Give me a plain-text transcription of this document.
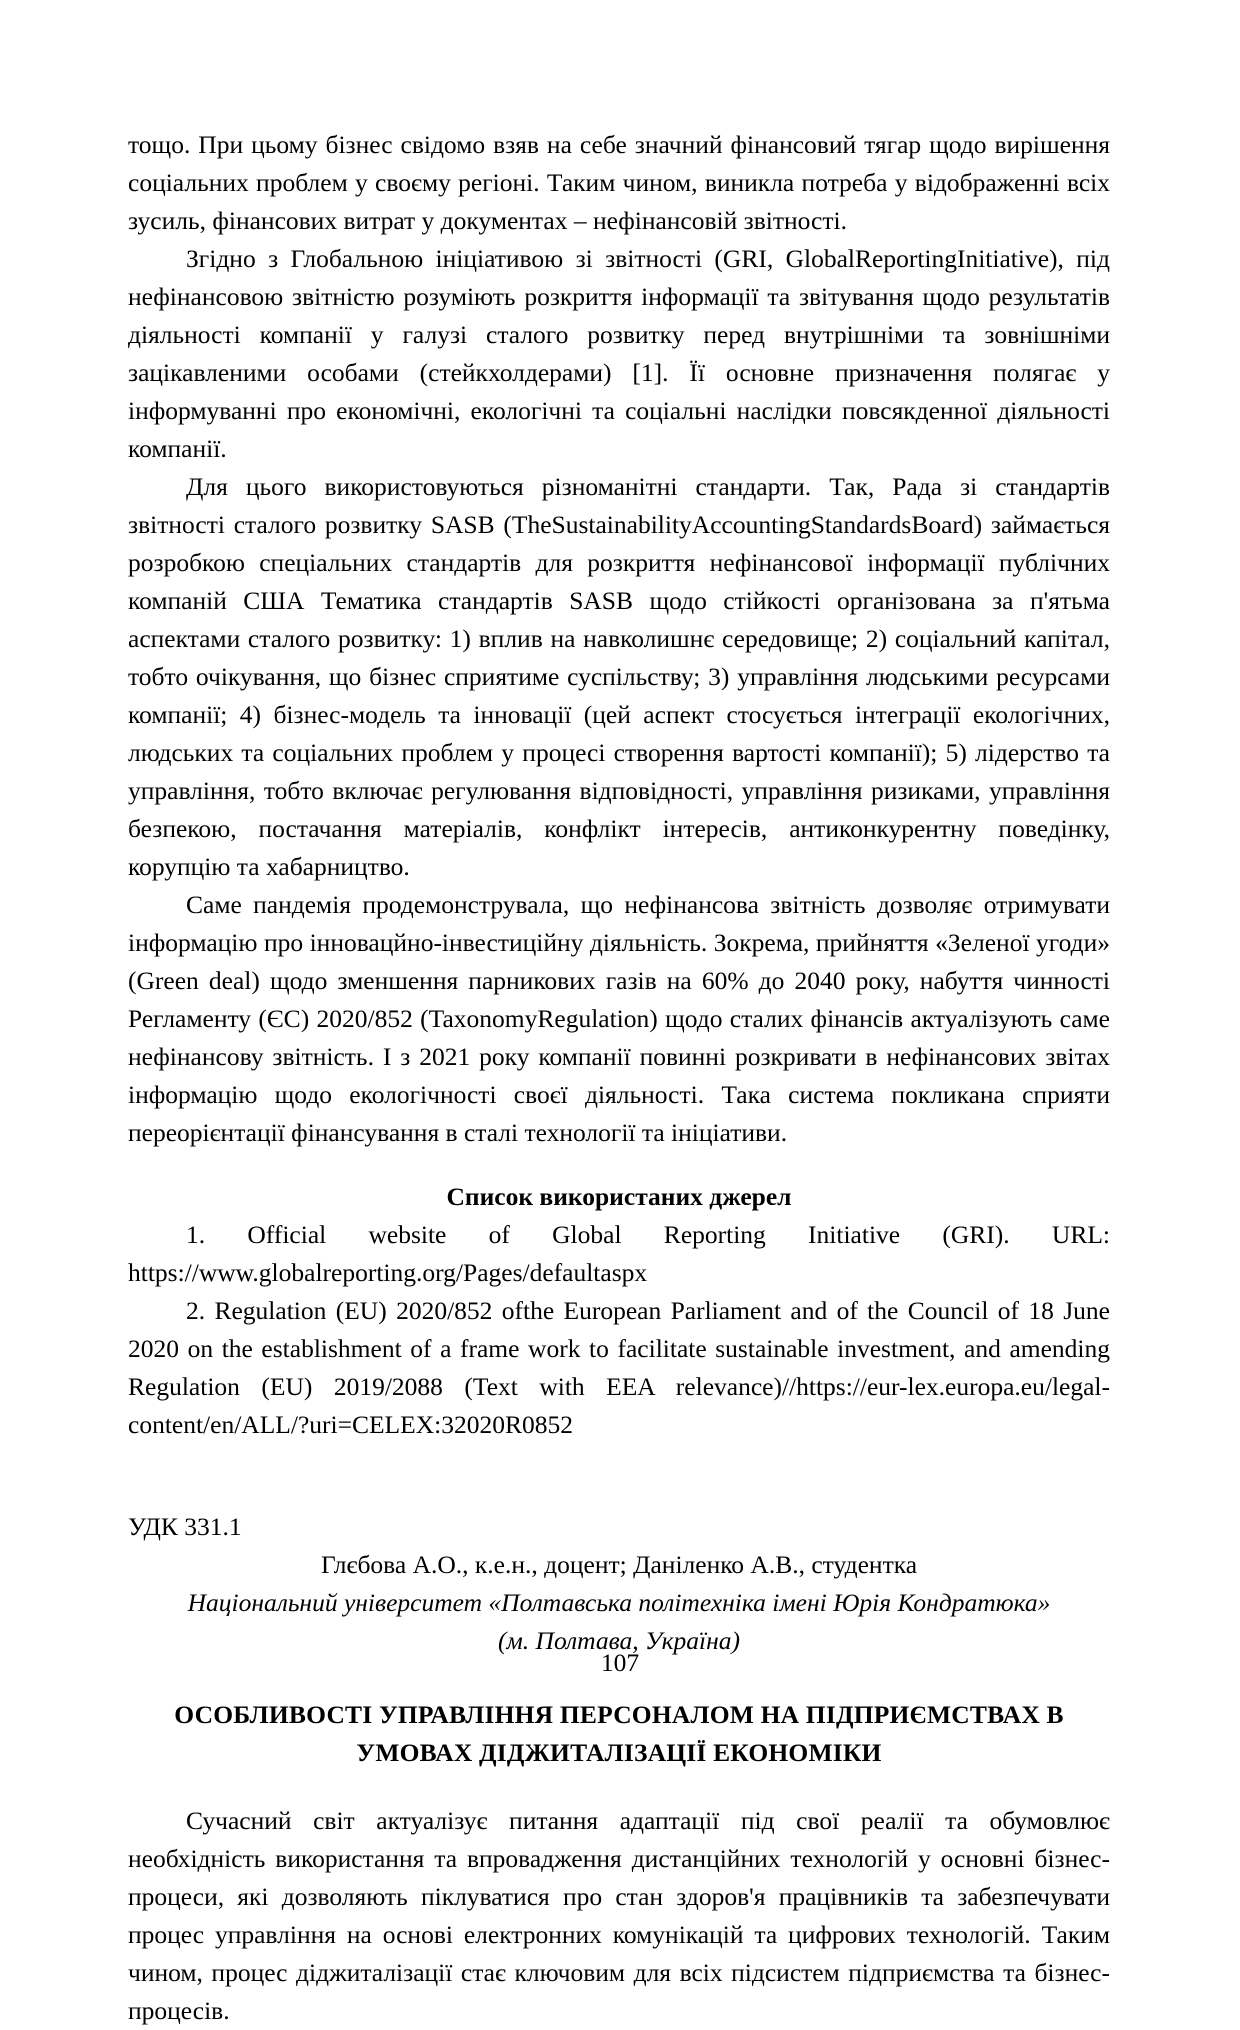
тощо. При цьому бізнес свідомо взяв на себе значний фінансовий тягар щодо вирішення соціальних проблем у своєму регіоні. Таким чином, виникла потреба у відображенні всіх зусиль, фінансових витрат у документах – нефінансовій звітності.

Згідно з Глобальною ініціативою зі звітності (GRI, GlobalReportingInitiative), під нефінансовою звітністю розуміють розкриття інформації та звітування щодо результатів діяльності компанії у галузі сталого розвитку перед внутрішніми та зовнішніми зацікавленими особами (стейкхолдерами) [1]. Її основне призначення полягає у інформуванні про економічні, екологічні та соціальні наслідки повсякденної діяльності компанії.

Для цього використовуються різноманітні стандарти. Так, Рада зі стандартів звітності сталого розвитку SASB (TheSustainabilityAccountingStandardsBoard) займається розробкою спеціальних стандартів для розкриття нефінансової інформації публічних компаній США Тематика стандартів SASB щодо стійкості організована за п'ятьма аспектами сталого розвитку: 1) вплив на навколишнє середовище; 2) соціальний капітал, тобто очікування, що бізнес сприятиме суспільству; 3) управління людськими ресурсами компанії; 4) бізнес-модель та інновації (цей аспект стосується інтеграції екологічних, людських та соціальних проблем у процесі створення вартості компанії); 5) лідерство та управління, тобто включає регулювання відповідності, управління ризиками, управління безпекою, постачання матеріалів, конфлікт інтересів, антиконкурентну поведінку, корупцію та хабарництво.

Саме пандемія продемонструвала, що нефінансова звітність дозволяє отримувати інформацію про інновацйно-інвестиційну діяльність. Зокрема, прийняття «Зеленої угоди» (Green deal) щодо зменшення парникових газів на 60% до 2040 року, набуття чинності Регламенту (ЄС) 2020/852 (TaxonomyRegulation) щодо сталих фінансів актуалізують саме нефінансову звітність. І з 2021 року компанії повинні розкривати в нефінансових звітах інформацію щодо екологічності своєї діяльності. Така система покликана сприяти переорієнтації фінансування в сталі технології та ініціативи.

Список використаних джерел

1. Official website of Global Reporting Initiative (GRI). URL: https://www.globalreporting.org/Pages/defaultaspx

2. Regulation (EU) 2020/852 ofthe European Parliament and of the Council of 18 June 2020 on the establishment of a frame work to facilitate sustainable investment, and amending Regulation (EU) 2019/2088 (Text with EEA relevance)//https://eur-lex.europa.eu/legal-content/en/ALL/?uri=CELEX:32020R0852

УДК 331.1

Глєбова А.О., к.е.н., доцент; Даніленко А.В., студентка

Національний університет «Полтавська політехніка імені Юрія Кондратюка»

(м. Полтава, Україна)

ОСОБЛИВОСТІ УПРАВЛІННЯ ПЕРСОНАЛОМ НА ПІДПРИЄМСТВАХ В
УМОВАХ ДІДЖИТАЛІЗАЦІЇ ЕКОНОМІКИ

Сучасний світ актуалізує питання адаптації під свої реалії та обумовлює необхідність використання та впровадження дистанційних технологій у основні бізнес-процеси, які дозволяють піклуватися про стан здоров'я працівників та забезпечувати процес управління на основі електронних комунікацій та цифрових технологій. Таким чином, процес діджиталізації стає ключовим для всіх підсистем підприємства та бізнес-процесів.

107
